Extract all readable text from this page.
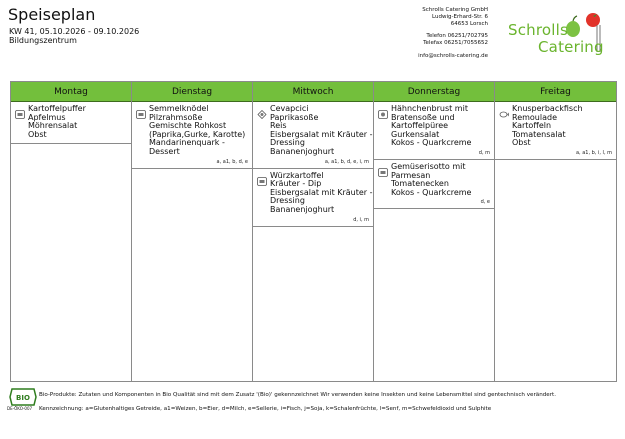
Speiseplan
KW 41, 05.10.2026 - 09.10.2026
Bildungszentrum
Schrolls Catering GmbH
Ludwig-Erhard-Str. 6
64653 Lorsch
Telefon 06251/702795
Telefax 06251/7055652
info@schrolls-catering.de
Schrolls
Catering
Montag
Kartoffelpuffer
Apfelmus
Möhrensalat
Obst
Dienstag
Semmelknödel
Pilzrahmsoße
Gemischte Rohkost
(Paprika,Gurke, Karotte)
Mandarinenquark -
Dessert
a, a1, b, d, e
Mittwoch
Cevapcici
Paprikasoße
Reis
Eisbergsalat mit Kräuter -
Dressing
Bananenjoghurt
a, a1, b, d, e, i, m
Würzkartoffel
Kräuter - Dip
Eisbergsalat mit Kräuter -
Dressing
Bananenjoghurt
d, i, m
Donnerstag
Hähnchenbrust mit
Bratensoße und
Kartoffelpüree
Gurkensalat
Kokos - Quarkcreme
d, m
Gemüserisotto mit
Parmesan
Tomatenecken
Kokos - Quarkcreme
d, e
Freitag
Knusperbackfisch
Remoulade
Kartoffeln
Tomatensalat
Obst
a, a1, b, i, l, m
BIO
DE-ÖKO-007
Bio-Produkte: Zutaten und Komponenten in Bio Qualität sind mit dem Zusatz '(Bio)' gekennzeichnet Wir verwenden keine Insekten und keine Lebensmittel sind gentechnisch verändert.
Kennzeichnung: a=Glutenhaltiges Getreide, a1=Weizen, b=Eier, d=Milch, e=Sellerie, i=Fisch, j=Soja, k=Schalenfrüchte, l=Senf, m=Schwefeldioxid und Sulphite
